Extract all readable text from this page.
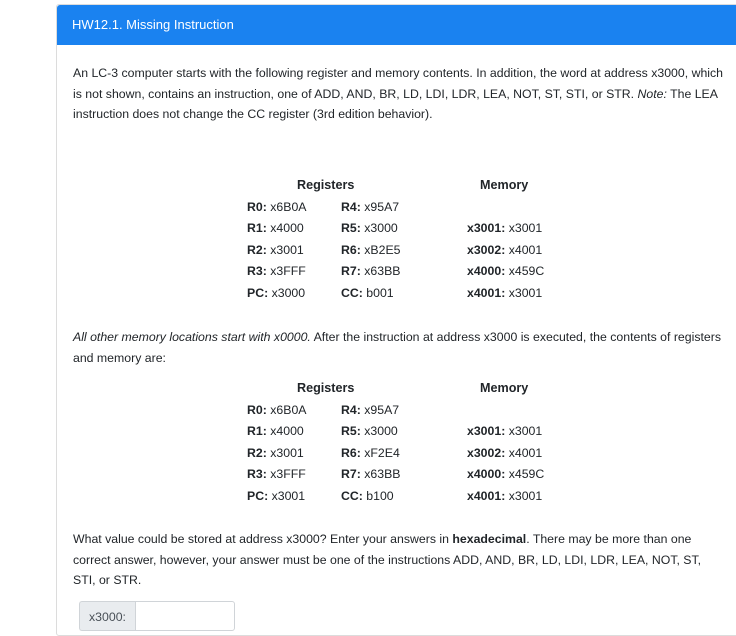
HW12.1. Missing Instruction

An LC-3 computer starts with the following register and memory contents. In addition, the word at address x3000, which is not shown, contains an instruction, one of ADD, AND, BR, LD, LDI, LDR, LEA, NOT, ST, STI, or STR. Note: The LEA instruction does not change the CC register (3rd edition behavior).

Registers	Memory
R0: x6B0A
R1: x4000
R2: x3001
R3: x3FFF
PC: x3000
R4: x95A7
R5: x3000
R6: xB2E5
R7: x63BB
CC: b001
x3001: x3001
x3002: x4001
x4000: x459C
x4001: x3001

All other memory locations start with x0000. After the instruction at address x3000 is executed, the contents of registers and memory are:

Registers	Memory
R0: x6B0A
R1: x4000
R2: x3001
R3: x3FFF
PC: x3001
R4: x95A7
R5: x3000
R6: xF2E4
R7: x63BB
CC: b100
x3001: x3001
x3002: x4001
x4000: x459C
x4001: x3001

What value could be stored at address x3000? Enter your answers in hexadecimal. There may be more than one correct answer, however, your answer must be one of the instructions ADD, AND, BR, LD, LDI, LDR, LEA, NOT, ST, STI, or STR.

x3000:
